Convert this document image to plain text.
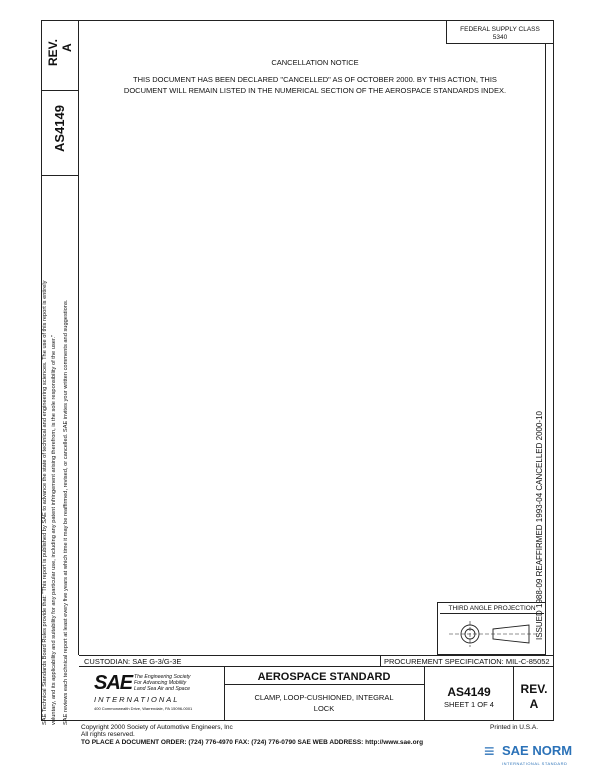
REV. A
AS4149
SAE Technical Standards Board Rules provide that: "This report is published by SAE to advance the state of technical and engineering sciences. The use of this report is entirely voluntary, and its applicability and suitability for any particular use, including any patent infringement arising therefrom, is the sole responsibility of the user." SAE reviews each technical report at least every five years at which time it may be reaffirmed, revised, or cancelled. SAE invites your written comments and suggestions.
FEDERAL SUPPLY CLASS
5340
CANCELLATION NOTICE
THIS DOCUMENT HAS BEEN DECLARED "CANCELLED" AS OF OCTOBER 2000. BY THIS ACTION, THIS
DOCUMENT WILL REMAIN LISTED IN THE NUMERICAL SECTION OF THE AEROSPACE STANDARDS INDEX.
ISSUED 1988-09 REAFFIRMED 1993-04 CANCELLED 2000-10
THIRD ANGLE PROJECTION
CUSTODIAN: SAE G-3/G-3E	PROCUREMENT SPECIFICATION: MIL-C-85052
SAE The Engineering Society
For Advancing Mobility
Land Sea Air and Space
INTERNATIONAL
400 Commonwealth Drive, Warrendale, PA 15096-0001
AEROSPACE STANDARD
CLAMP, LOOP-CUSHIONED, INTEGRAL
LOCK
AS4149
SHEET 1 OF 4
REV.
A
Copyright 2000 Society of Automotive Engineers, Inc
All rights reserved.
Printed in U.S.A.
TO PLACE A DOCUMENT ORDER: (724) 776-4970 FAX: (724) 776-0790 SAE WEB ADDRESS: http://www.sae.org	≡ SAE NORM
INTERNATIONAL STANDARD
